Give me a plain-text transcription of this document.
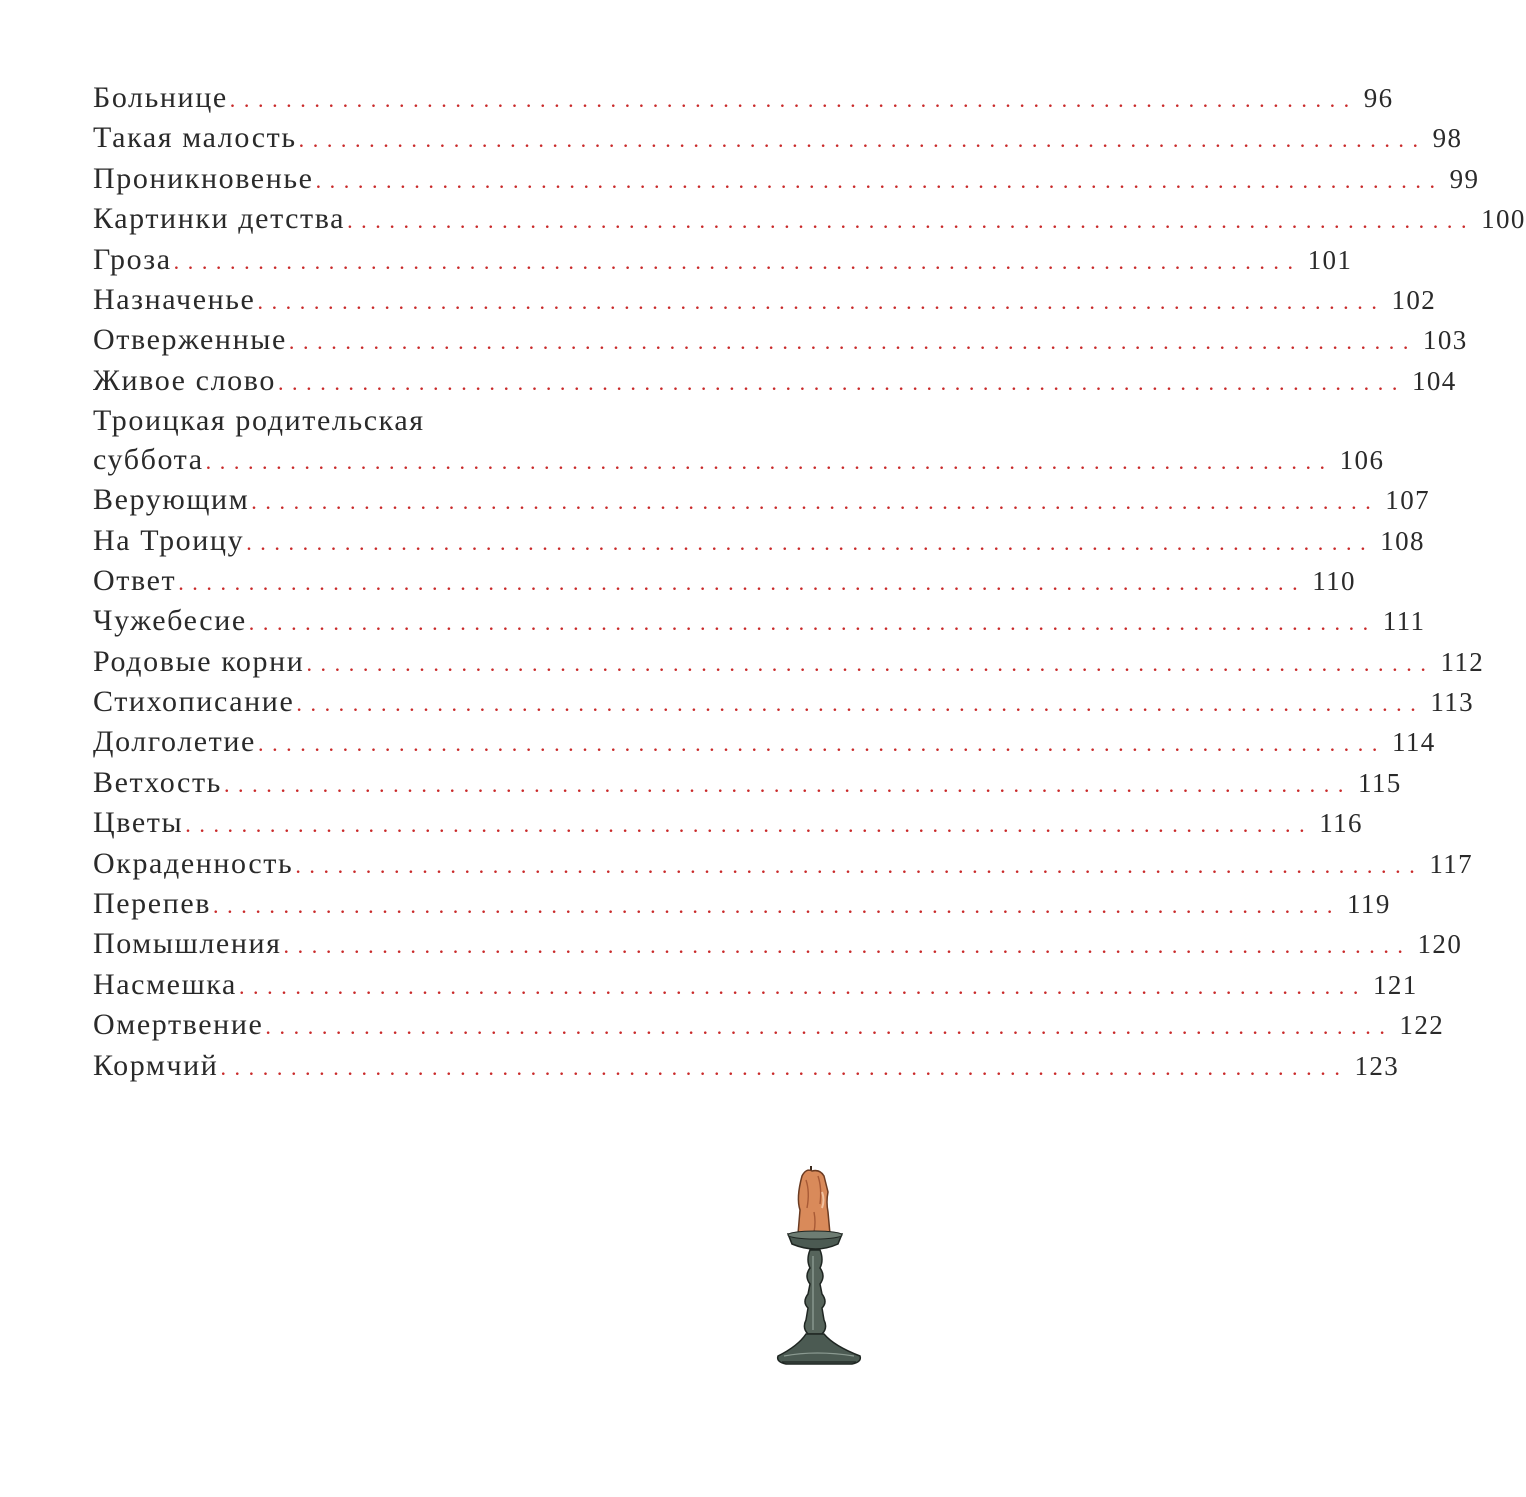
Больнице ................................................................................ 96
Такая малость ................................................................................ 98
Проникновенье ................................................................................ 99
Картинки детства ................................................................................ 100
Гроза ................................................................................ 101
Назначенье ................................................................................ 102
Отверженные ................................................................................ 103
Живое слово ................................................................................ 104
Троицкая родительская
суббота ................................................................................ 106
Верующим ................................................................................ 107
На Троицу ................................................................................ 108
Ответ ................................................................................ 110
Чужебесие ................................................................................ 111
Родовые корни ................................................................................ 112
Стихописание ................................................................................ 113
Долголетие ................................................................................ 114
Ветхость ................................................................................ 115
Цветы ................................................................................ 116
Окраденность ................................................................................ 117
Перепев ................................................................................ 119
Помышления ................................................................................ 120
Насмешка ................................................................................ 121
Омертвение ................................................................................ 122
Кормчий ................................................................................ 123
